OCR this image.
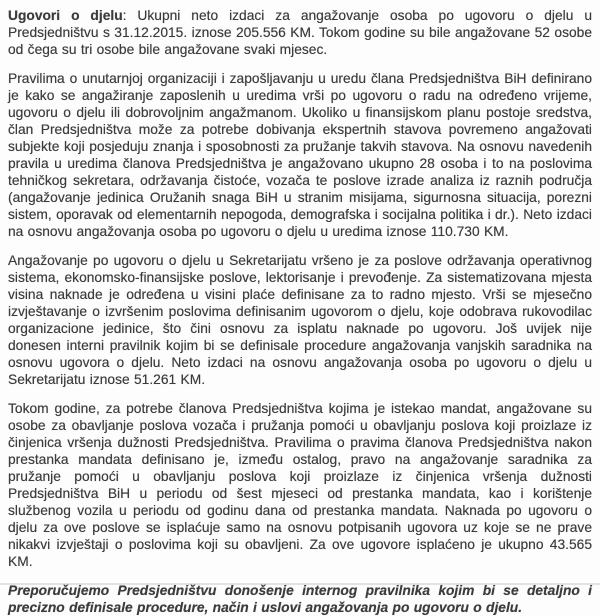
Ugovori o djelu: Ukupni neto izdaci za angažovanje osoba po ugovoru o djelu u Predsjedništvu s 31.12.2015. iznose 205.556 KM. Tokom godine su bile angažovane 52 osobe od čega su tri osobe bile angažovane svaki mjesec.

Pravilima o unutarnjoj organizaciji i zapošljavanju u uredu člana Predsjedništva BiH definirano je kako se angažiranje zaposlenih u uredima vrši po ugovoru o radu na određeno vrijeme, ugovoru o djelu ili dobrovoljnim angažmanom. Ukoliko u finansijskom planu postoje sredstva, član Predsjedništva može za potrebe dobivanja ekspertnih stavova povremeno angažovati subjekte koji posjeduju znanja i sposobnosti za pružanje takvih stavova. Na osnovu navedenih pravila u uredima članova Predsjedništva je angažovano ukupno 28 osoba i to na poslovima tehničkog sekretara, održavanja čistoće, vozača te poslove izrade analiza iz raznih područja (angažovanje jedinica Oružanih snaga BiH u stranim misijama, sigurnosna situacija, porezni sistem, oporavak od elementarnih nepogoda, demografska i socijalna politika i dr.). Neto izdaci na osnovu angažovanja osoba po ugovoru o djelu u uredima iznose 110.730 KM.

Angažovanje po ugovoru o djelu u Sekretarijatu vršeno je za poslove održavanja operativnog sistema, ekonomsko-finansijske poslove, lektorisanje i prevođenje. Za sistematizovana mjesta visina naknade je određena u visini plaće definisane za to radno mjesto. Vrši se mjesečno izvještavanje o izvršenim poslovima definisanim ugovorom o djelu, koje odobrava rukovodilac organizacione jedinice, što čini osnovu za isplatu naknade po ugovoru. Još uvijek nije donesen interni pravilnik kojim bi se definisale procedure angažovanja vanjskih saradnika na osnovu ugovora o djelu. Neto izdaci na osnovu angažovanja osoba po ugovoru o djelu u Sekretarijatu iznose 51.261 KM.

Tokom godine, za potrebe članova Predsjedništva kojima je istekao mandat, angažovane su osobe za obavljanje poslova vozača i pružanja pomoći u obavljanju poslova koji proizlaze iz činjenica vršenja dužnosti Predsjedništva. Pravilima o pravima članova Predsjedništva nakon prestanka mandata definisano je, između ostalog, pravo na angažovanje saradnika za pružanje pomoći u obavljanju poslova koji proizlaze iz činjenica vršenja dužnosti Predsjedništva BiH u periodu od šest mjeseci od prestanka mandata, kao i korištenje službenog vozila u periodu od godinu dana od prestanka mandata. Naknada po ugovoru o djelu za ove poslove se isplaćuje samo na osnovu potpisanih ugovora uz koje se ne prave nikakvi izvještaji o poslovima koji su obavljeni. Za ove ugovore isplaćeno je ukupno 43.565 KM.

Preporučujemo Predsjedništvu donošenje internog pravilnika kojim bi se detaljno i precizno definisale procedure, način i uslovi angažovanja po ugovoru o djelu.
